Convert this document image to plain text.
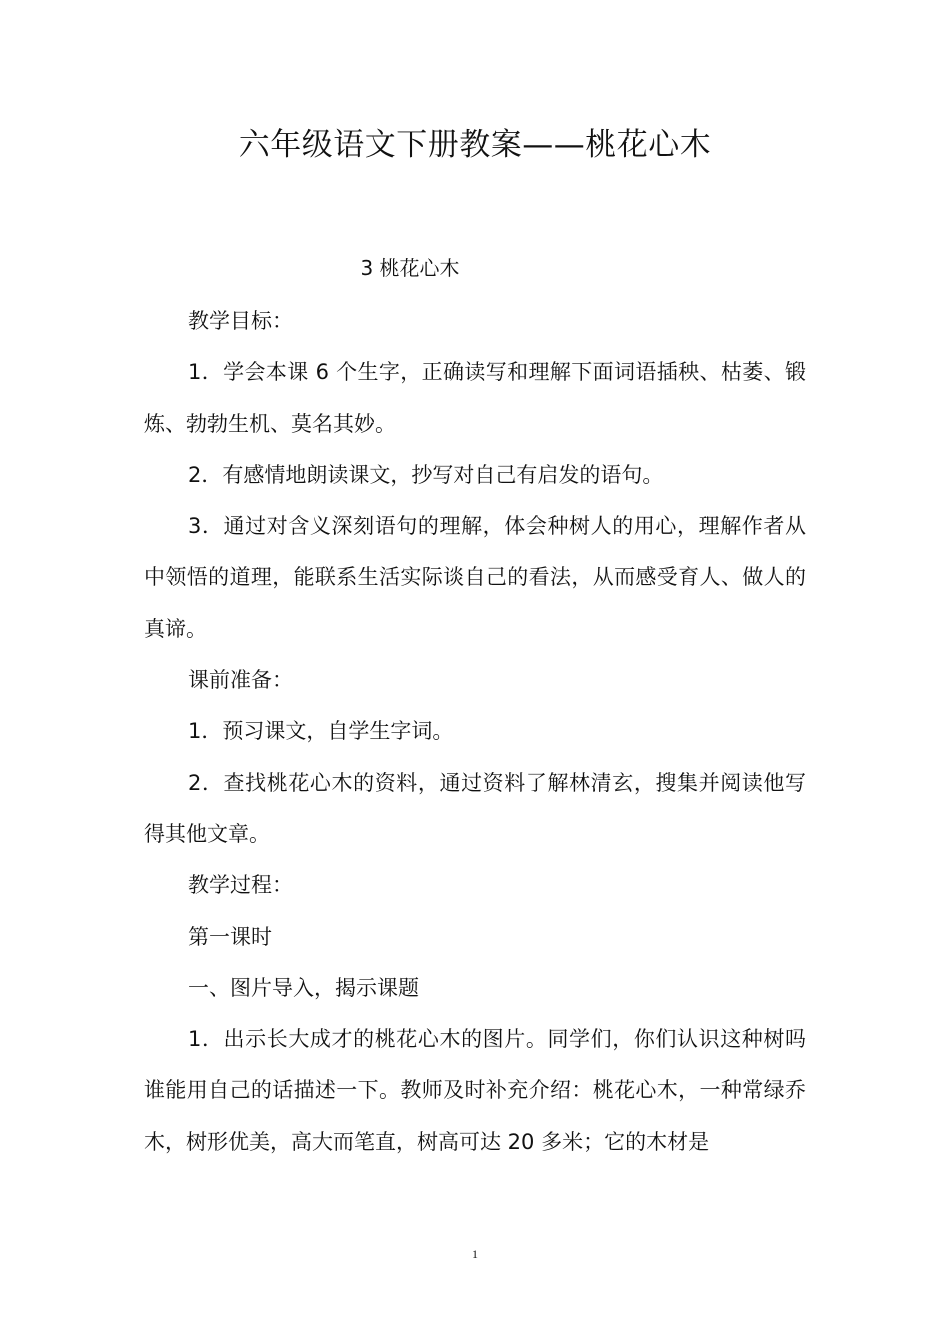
六年级语文下册教案——桃花心木
3 桃花心木

教学目标：

1．学会本课 6 个生字，正确读写和理解下面词语插秧、枯萎、锻炼、勃勃生机、莫名其妙。

2．有感情地朗读课文，抄写对自己有启发的语句。

3．通过对含义深刻语句的理解，体会种树人的用心，理解作者从中领悟的道理，能联系生活实际谈自己的看法，从而感受育人、做人的真谛。

课前准备：

1．预习课文，自学生字词。

2．查找桃花心木的资料，通过资料了解林清玄，搜集并阅读他写得其他文章。

教学过程：

第一课时

一、图片导入，揭示课题

1．出示长大成才的桃花心木的图片。同学们，你们认识这种树吗谁能用自己的话描述一下。教师及时补充介绍：桃花心木，一种常绿乔木，树形优美，高大而笔直，树高可达 20 多米；它的木材是

1
